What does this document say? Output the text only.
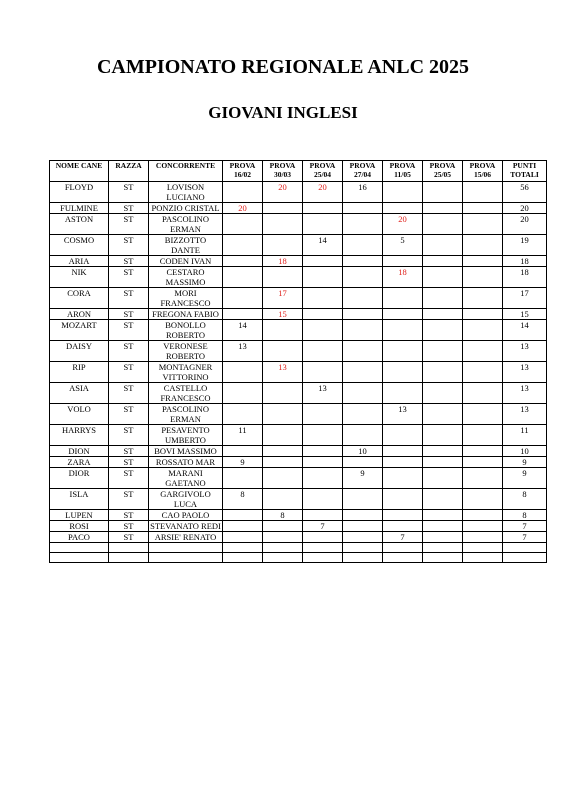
CAMPIONATO REGIONALE ANLC 2025
GIOVANI INGLESI
NOME CANE	RAZZA	CONCORRENTE	PROVA 16/02	PROVA 30/03	PROVA 25/04	PROVA 27/04	PROVA 11/05	PROVA 25/05	PROVA 15/06	PUNTI TOTALI
FLOYD	ST	LOVISON LUCIANO		20	20	16				56
FULMINE	ST	PONZIO CRISTAL	20							20
ASTON	ST	PASCOLINO ERMAN					20			20
COSMO	ST	BIZZOTTO DANTE			14		5			19
ARIA	ST	CODEN IVAN		18						18
NIK	ST	CESTARO MASSIMO					18			18
CORA	ST	MORI FRANCESCO		17						17
ARON	ST	FREGONA FABIO		15						15
MOZART	ST	BONOLLO ROBERTO	14							14
DAISY	ST	VERONESE ROBERTO	13							13
RIP	ST	MONTAGNER VITTORINO		13						13
ASIA	ST	CASTELLO FRANCESCO			13					13
VOLO	ST	PASCOLINO ERMAN					13			13
HARRYS	ST	PESAVENTO UMBERTO	11							11
DION	ST	BOVI MASSIMO				10				10
ZARA	ST	ROSSATO MAR	9							9
DIOR	ST	MARANI GAETANO				9				9
ISLA	ST	GARGIVOLO LUCA	8							8
LUPEN	ST	CAO PAOLO		8						8
ROSI	ST	STEVANATO REDI			7					7
PACO	ST	ARSIE' RENATO					7			7
